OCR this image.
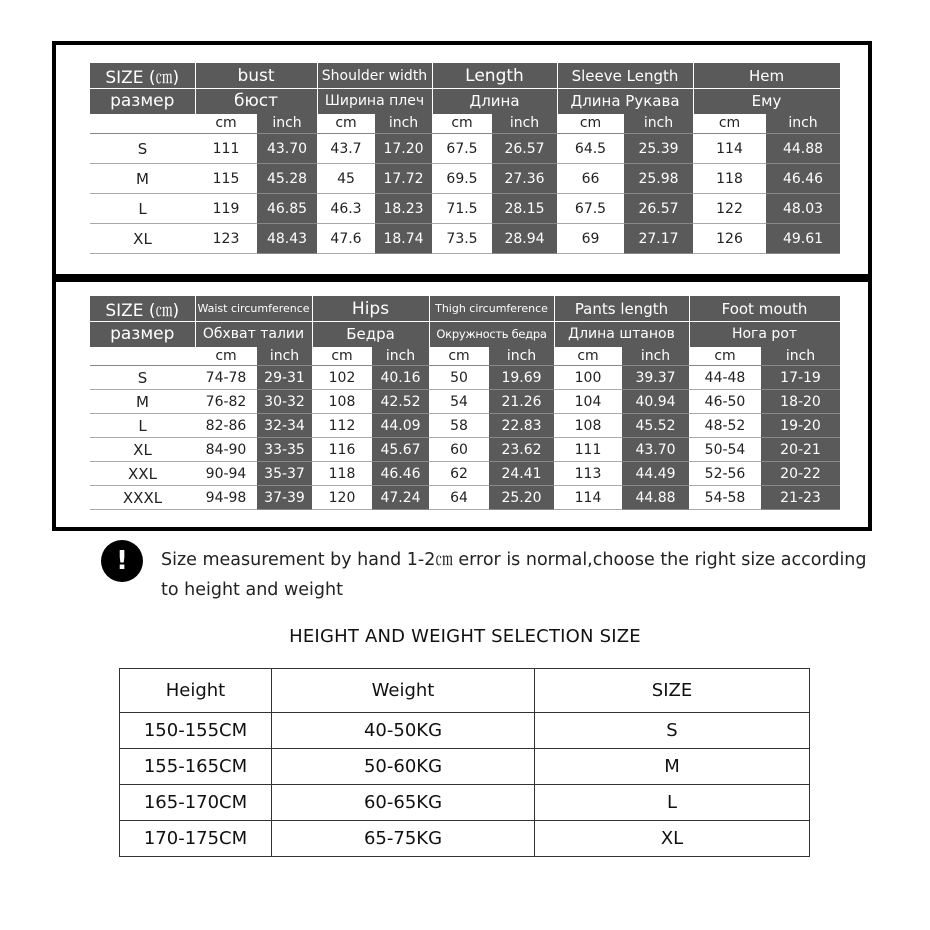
SIZE (㎝)	bust		Shoulder width		Length		Sleeve Length		Hem	
размер	бюст		Ширина плеч		Длина		Длина Рукава		Ему	
	cm	inch	cm	inch	cm	inch	cm	inch	cm	inch
S	111	43.70	43.7	17.20	67.5	26.57	64.5	25.39	114	44.88
M	115	45.28	45	17.72	69.5	27.36	66	25.98	118	46.46
L	119	46.85	46.3	18.23	71.5	28.15	67.5	26.57	122	48.03
XL	123	48.43	47.6	18.74	73.5	28.94	69	27.17	126	49.61
SIZE (㎝)	Waist circumference		Hips		Thigh circumference		Pants length		Foot mouth	
размер	Обхват талии		Бедра		Окружность бедра		Длина штанов		Нога рот	
	cm	inch	cm	inch	cm	inch	cm	inch	cm	inch
S	74-78	29-31	102	40.16	50	19.69	100	39.37	44-48	17-19
M	76-82	30-32	108	42.52	54	21.26	104	40.94	46-50	18-20
L	82-86	32-34	112	44.09	58	22.83	108	45.52	48-52	19-20
XL	84-90	33-35	116	45.67	60	23.62	111	43.70	50-54	20-21
XXL	90-94	35-37	118	46.46	62	24.41	113	44.49	52-56	20-22
XXXL	94-98	37-39	120	47.24	64	25.20	114	44.88	54-58	21-23
!	Size measurement by hand 1-2㎝ error is normal,choose the right size according
to height and weight
HEIGHT AND WEIGHT SELECTION SIZE
Height	Weight	SIZE
150-155CM	40-50KG	S
155-165CM	50-60KG	M
165-170CM	60-65KG	L
170-175CM	65-75KG	XL
